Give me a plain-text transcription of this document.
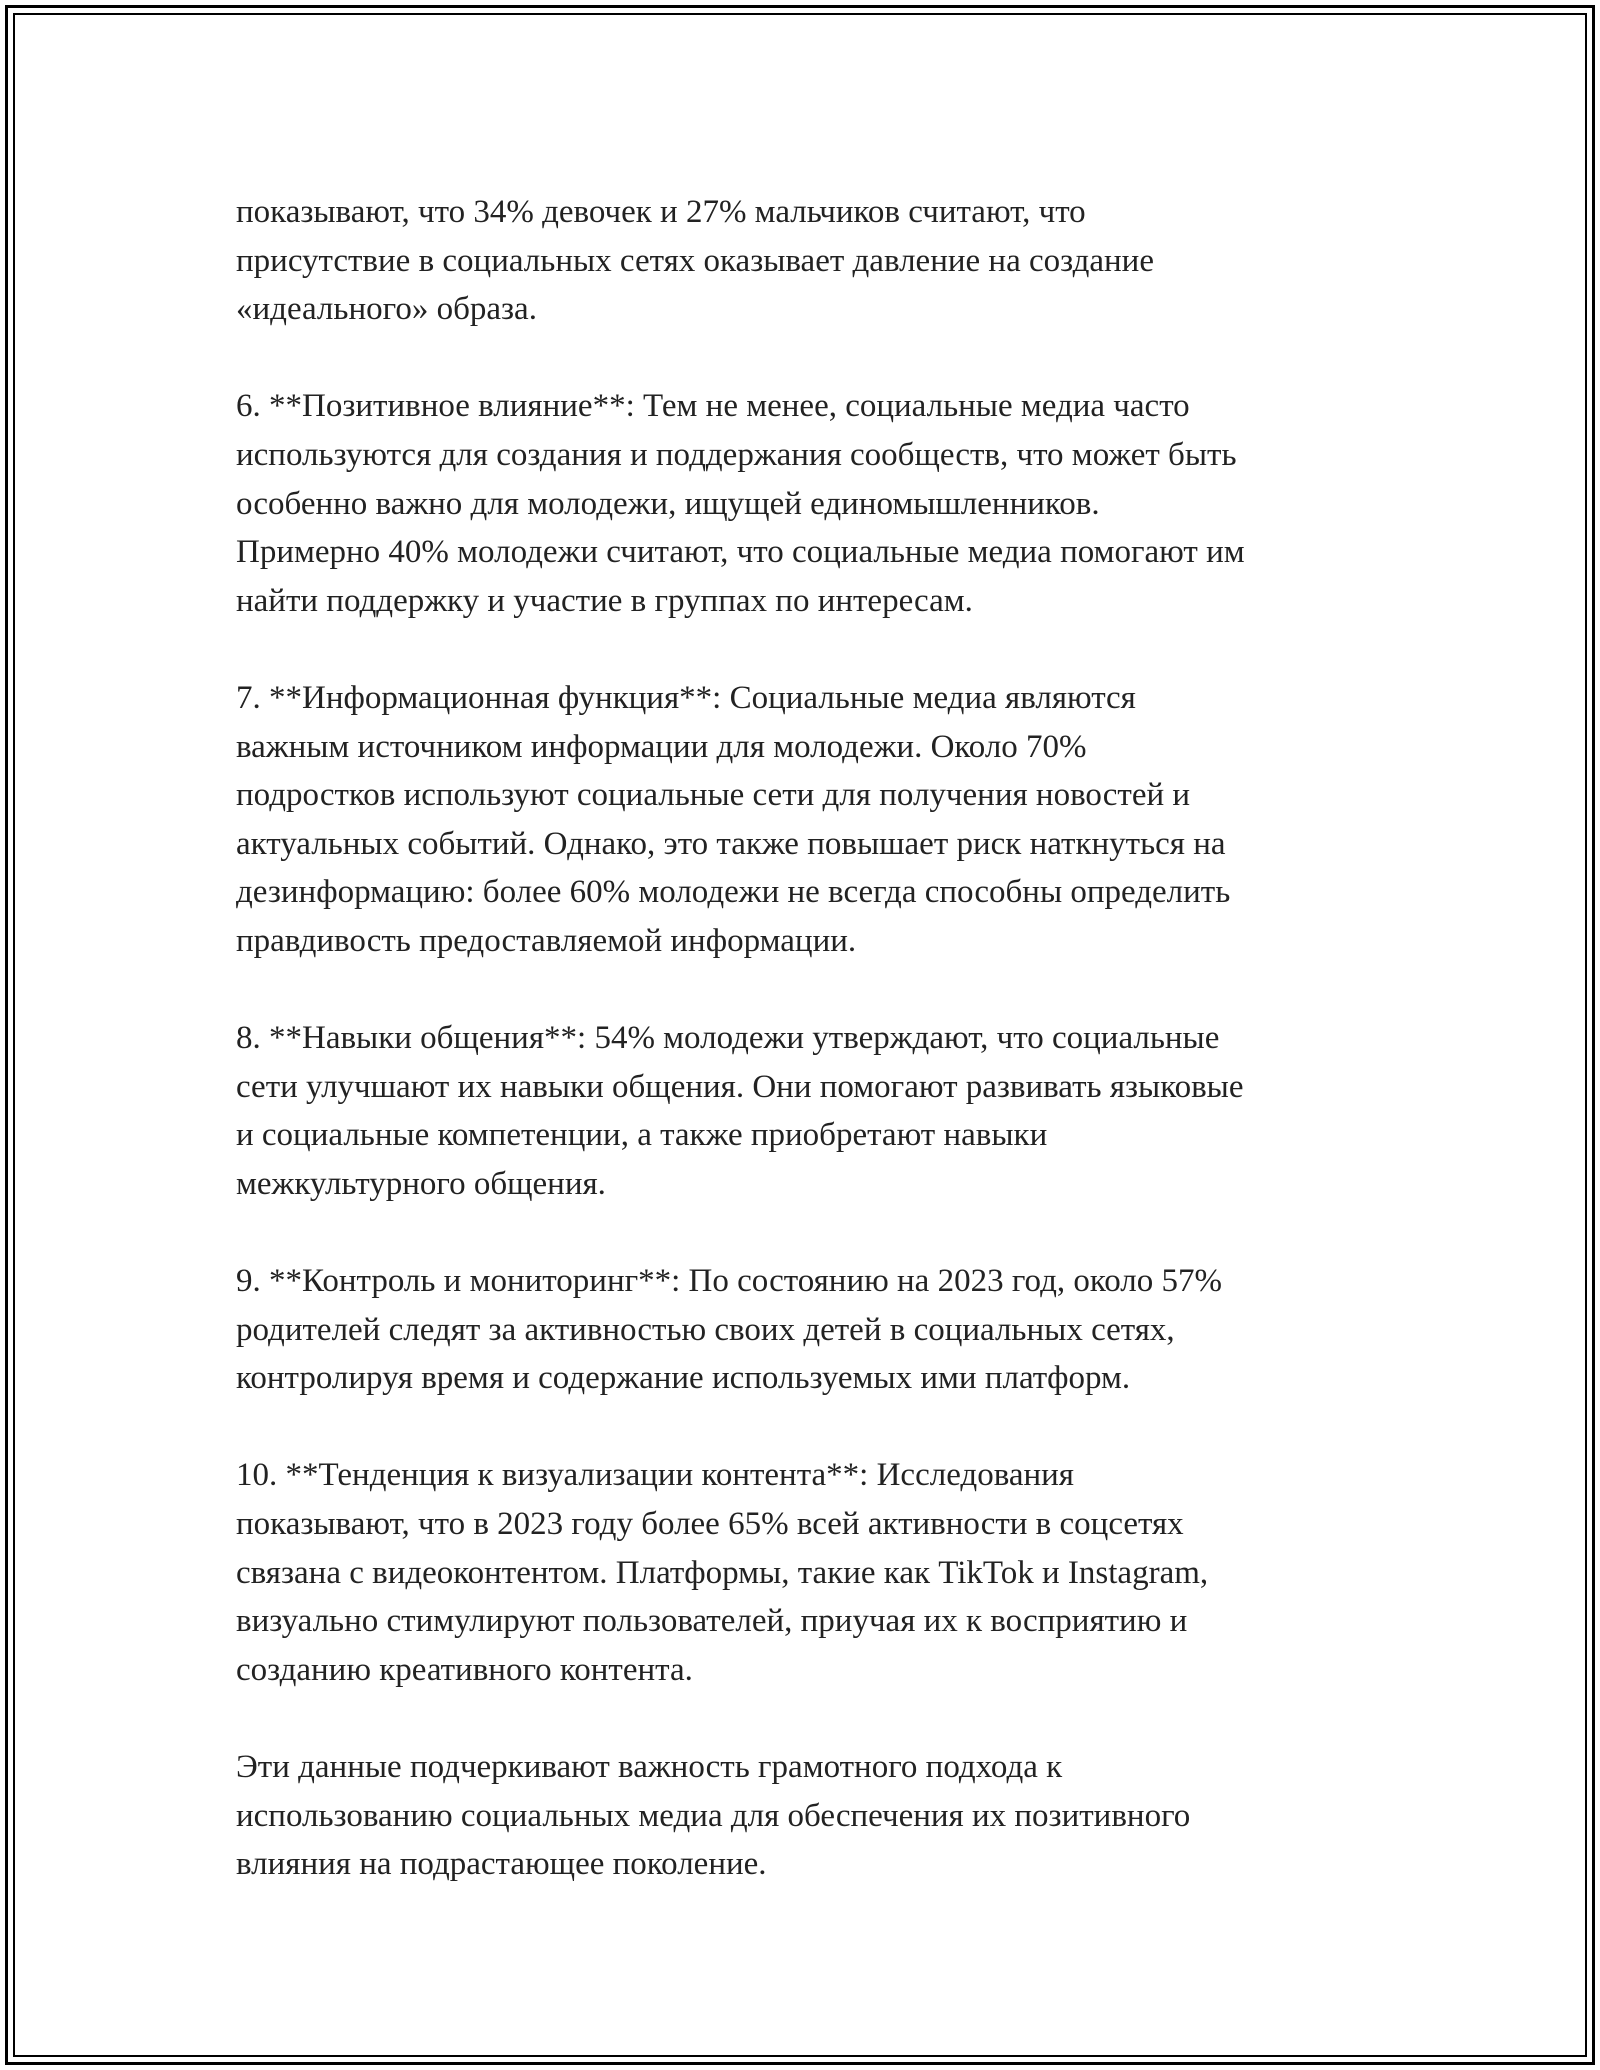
показывают, что 34% девочек и 27% мальчиков считают, что
присутствие в социальных сетях оказывает давление на создание
«идеального» образа.

6. **Позитивное влияние**: Тем не менее, социальные медиа часто
используются для создания и поддержания сообществ, что может быть
особенно важно для молодежи, ищущей единомышленников.
Примерно 40% молодежи считают, что социальные медиа помогают им
найти поддержку и участие в группах по интересам.

7. **Информационная функция**: Социальные медиа являются
важным источником информации для молодежи. Около 70%
подростков используют социальные сети для получения новостей и
актуальных событий. Однако, это также повышает риск наткнуться на
дезинформацию: более 60% молодежи не всегда способны определить
правдивость предоставляемой информации.

8. **Навыки общения**: 54% молодежи утверждают, что социальные
сети улучшают их навыки общения. Они помогают развивать языковые
и социальные компетенции, а также приобретают навыки
межкультурного общения.

9. **Контроль и мониторинг**: По состоянию на 2023 год, около 57%
родителей следят за активностью своих детей в социальных сетях,
контролируя время и содержание используемых ими платформ.

10. **Тенденция к визуализации контента**: Исследования
показывают, что в 2023 году более 65% всей активности в соцсетях
связана с видеоконтентом. Платформы, такие как TikTok и Instagram,
визуально стимулируют пользователей, приучая их к восприятию и
созданию креативного контента.

Эти данные подчеркивают важность грамотного подхода к
использованию социальных медиа для обеспечения их позитивного
влияния на подрастающее поколение.
